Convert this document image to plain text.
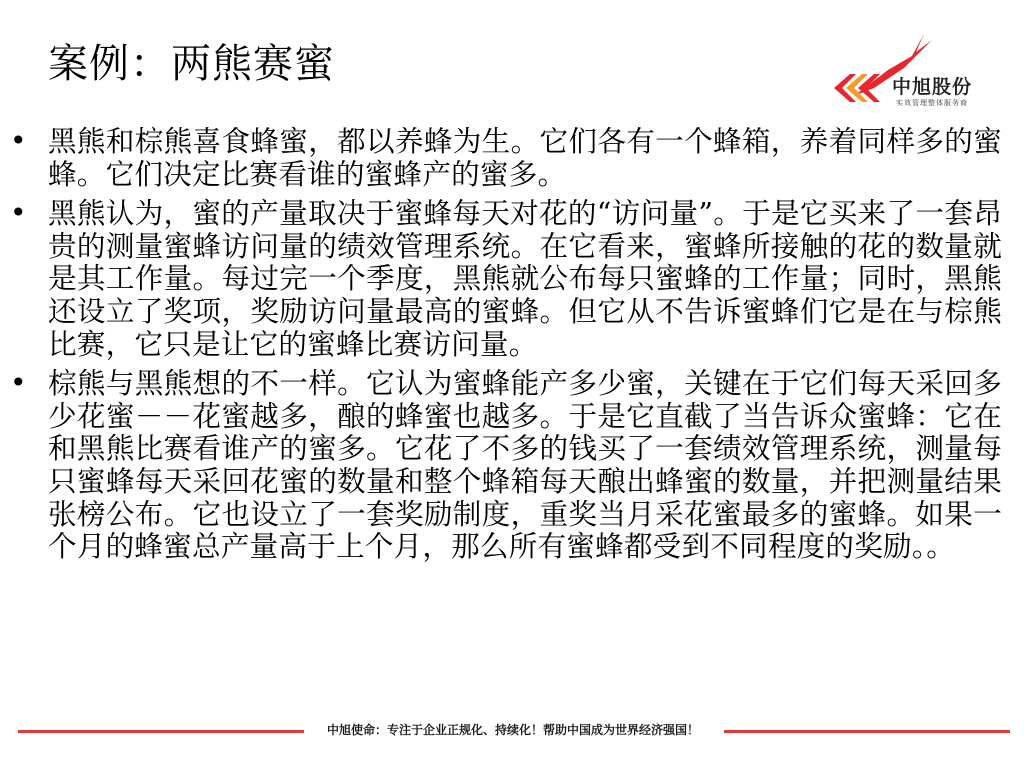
案例：两熊赛蜜	中旭股份
实效管理整体服务商
• 黑熊和棕熊喜食蜂蜜，都以养蜂为生。它们各有一个蜂箱，养着同样多的蜜蜂。它们决定比赛看谁的蜜蜂产的蜜多。
• 黑熊认为，蜜的产量取决于蜜蜂每天对花的“访问量”。于是它买来了一套昂贵的测量蜜蜂访问量的绩效管理系统。在它看来，蜜蜂所接触的花的数量就是其工作量。每过完一个季度，黑熊就公布每只蜜蜂的工作量；同时，黑熊还设立了奖项，奖励访问量最高的蜜蜂。但它从不告诉蜜蜂们它是在与棕熊比赛，它只是让它的蜜蜂比赛访问量。
• 棕熊与黑熊想的不一样。它认为蜜蜂能产多少蜜，关键在于它们每天采回多少花蜜－－花蜜越多，酿的蜂蜜也越多。于是它直截了当告诉众蜜蜂：它在和黑熊比赛看谁产的蜜多。它花了不多的钱买了一套绩效管理系统，测量每只蜜蜂每天采回花蜜的数量和整个蜂箱每天酿出蜂蜜的数量，并把测量结果张榜公布。它也设立了一套奖励制度，重奖当月采花蜜最多的蜜蜂。如果一个月的蜂蜜总产量高于上个月，那么所有蜜蜂都受到不同程度的奖励。。
中旭使命：专注于企业正规化、持续化！帮助中国成为世界经济强国！
